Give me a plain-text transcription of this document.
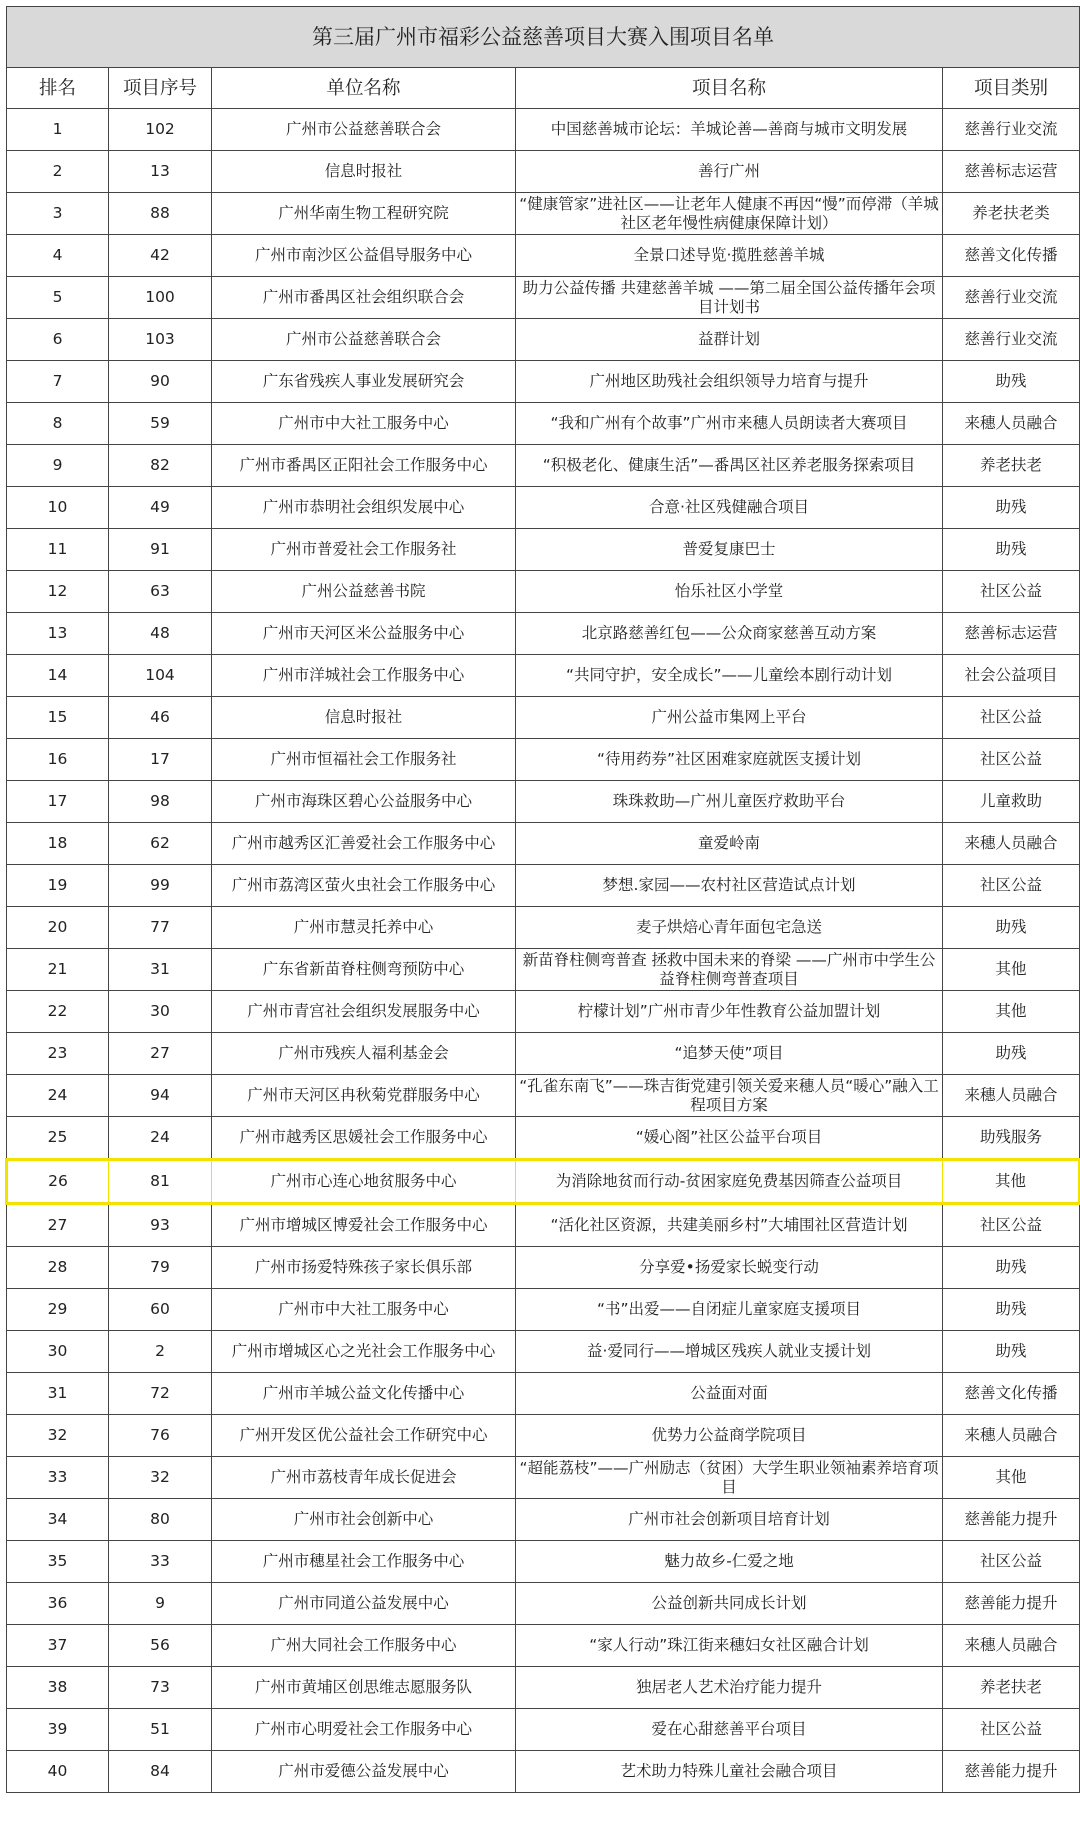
第三届广州市福彩公益慈善项目大赛入围项目名单				
排名	项目序号	单位名称	项目名称	项目类别
1	102	广州市公益慈善联合会	中国慈善城市论坛：羊城论善—善商与城市文明发展	慈善行业交流
2	13	信息时报社	善行广州	慈善标志运营
3	88	广州华南生物工程研究院	“健康管家”进社区——让老年人健康不再因“慢”而停滞（羊城社区老年慢性病健康保障计划）	养老扶老类
4	42	广州市南沙区公益倡导服务中心	全景口述导览·揽胜慈善羊城	慈善文化传播
5	100	广州市番禺区社会组织联合会	助力公益传播 共建慈善羊城 ——第二届全国公益传播年会项目计划书	慈善行业交流
6	103	广州市公益慈善联合会	益群计划	慈善行业交流
7	90	广东省残疾人事业发展研究会	广州地区助残社会组织领导力培育与提升	助残
8	59	广州市中大社工服务中心	“我和广州有个故事”广州市来穗人员朗读者大赛项目	来穗人员融合
9	82	广州市番禺区正阳社会工作服务中心	“积极老化、健康生活”—番禺区社区养老服务探索项目	养老扶老
10	49	广州市恭明社会组织发展中心	合意·社区残健融合项目	助残
11	91	广州市普爱社会工作服务社	普爱复康巴士	助残
12	63	广州公益慈善书院	怡乐社区小学堂	社区公益
13	48	广州市天河区米公益服务中心	北京路慈善红包——公众商家慈善互动方案	慈善标志运营
14	104	广州市洋城社会工作服务中心	“共同守护，安全成长”——儿童绘本剧行动计划	社会公益项目
15	46	信息时报社	广州公益市集网上平台	社区公益
16	17	广州市恒福社会工作服务社	“待用药券”社区困难家庭就医支援计划	社区公益
17	98	广州市海珠区碧心公益服务中心	珠珠救助—广州儿童医疗救助平台	儿童救助
18	62	广州市越秀区汇善爱社会工作服务中心	童爱岭南	来穗人员融合
19	99	广州市荔湾区萤火虫社会工作服务中心	梦想.家园——农村社区营造试点计划	社区公益
20	77	广州市慧灵托养中心	麦子烘焙心青年面包宅急送	助残
21	31	广东省新苗脊柱侧弯预防中心	新苗脊柱侧弯普查 拯救中国未来的脊梁 ——广州市中学生公益脊柱侧弯普查项目	其他
22	30	广州市青宫社会组织发展服务中心	柠檬计划”广州市青少年性教育公益加盟计划	其他
23	27	广州市残疾人福利基金会	“追梦天使”项目	助残
24	94	广州市天河区冉秋菊党群服务中心	“孔雀东南飞”——珠吉街党建引领关爱来穗人员“暖心”融入工程项目方案	来穗人员融合
25	24	广州市越秀区思媛社会工作服务中心	“媛心阁”社区公益平台项目	助残服务
26	81	广州市心连心地贫服务中心	为消除地贫而行动-贫困家庭免费基因筛查公益项目	其他
27	93	广州市增城区博爱社会工作服务中心	“活化社区资源，共建美丽乡村”大埔围社区营造计划	社区公益
28	79	广州市扬爱特殊孩子家长俱乐部	分享爱•扬爱家长蜕变行动	助残
29	60	广州市中大社工服务中心	“书”出爱——自闭症儿童家庭支援项目	助残
30	2	广州市增城区心之光社会工作服务中心	益·爱同行——增城区残疾人就业支援计划	助残
31	72	广州市羊城公益文化传播中心	公益面对面	慈善文化传播
32	76	广州开发区优公益社会工作研究中心	优势力公益商学院项目	来穗人员融合
33	32	广州市荔枝青年成长促进会	“超能荔枝”——广州励志（贫困）大学生职业领袖素养培育项目	其他
34	80	广州市社会创新中心	广州市社会创新项目培育计划	慈善能力提升
35	33	广州市穗星社会工作服务中心	魅力故乡-仁爱之地	社区公益
36	9	广州市同道公益发展中心	公益创新共同成长计划	慈善能力提升
37	56	广州大同社会工作服务中心	“家人行动”珠江街来穗妇女社区融合计划	来穗人员融合
38	73	广州市黄埔区创思维志愿服务队	独居老人艺术治疗能力提升	养老扶老
39	51	广州市心明爱社会工作服务中心	爱在心甜慈善平台项目	社区公益
40	84	广州市爱德公益发展中心	艺术助力特殊儿童社会融合项目	慈善能力提升
